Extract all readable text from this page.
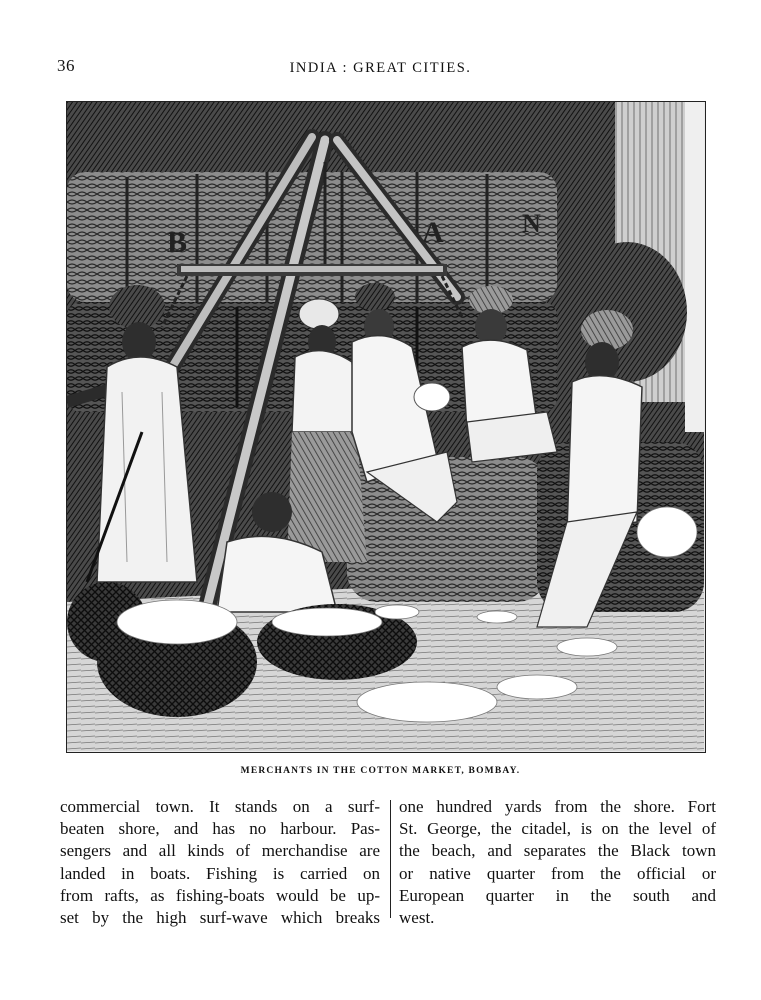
36	INDIA : GREAT CITIES.
B	A	N
MERCHANTS IN THE COTTON MARKET, BOMBAY.
commercial town. It stands on a surf-
beaten shore, and has no harbour. Pas-
sengers and all kinds of merchandise are
landed in boats. Fishing is carried on
from rafts, as fishing-boats would be up-
set by the high surf-wave which breaks
one hundred yards from the shore. Fort
St. George, the citadel, is on the level of
the beach, and separates the Black town
or native quarter from the official or
European quarter in the south and
west.
